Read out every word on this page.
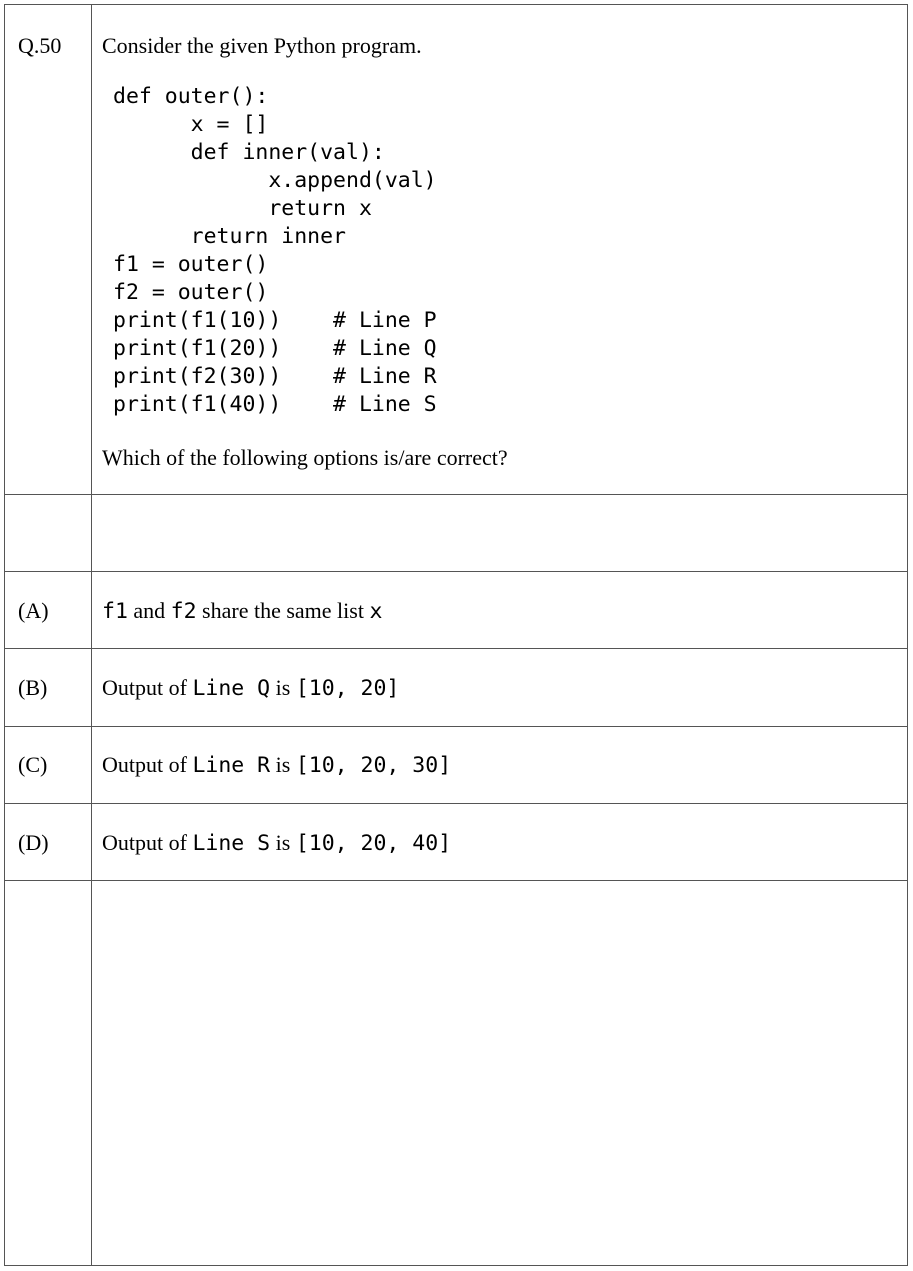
Q.50 Consider the given Python program.
def outer():
x = []
def inner(val):
x.append(val)
return x
return inner
f1 = outer()
f2 = outer()
print(f1(10))    # Line P
print(f1(20))    # Line Q
print(f2(30))    # Line R
print(f1(40))    # Line S
Which of the following options is/are correct?
(A) f1 and f2 share the same list x
(B) Output of Line Q is [10, 20]
(C) Output of Line R is [10, 20, 30]
(D) Output of Line S is [10, 20, 40]
